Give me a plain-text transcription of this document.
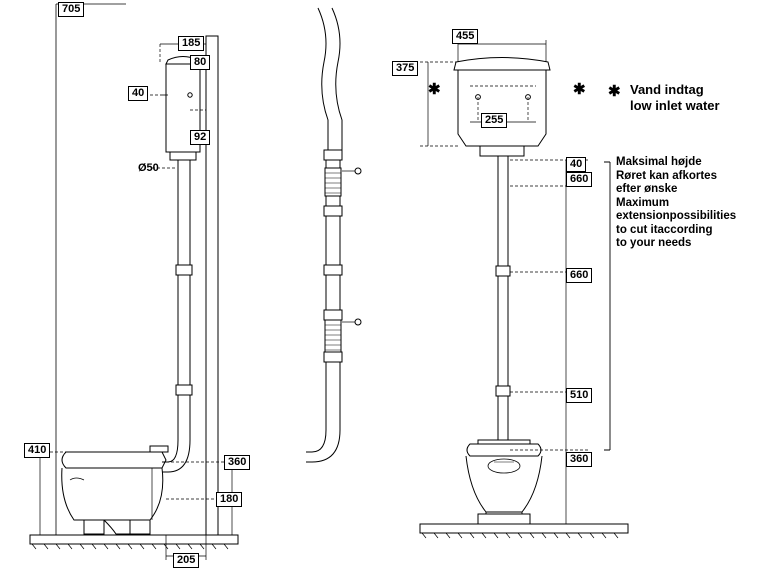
705
185
80
40
92
Ø50
410
360
180
205
455
375
255
40
660
660
510
360
✱	✱ ✱ Vand indtag
low inlet water
Maksimal højde
Røret kan afkortes
efter ønske
Maximum
extensionpossibilities
to cut itaccording
to your needs
